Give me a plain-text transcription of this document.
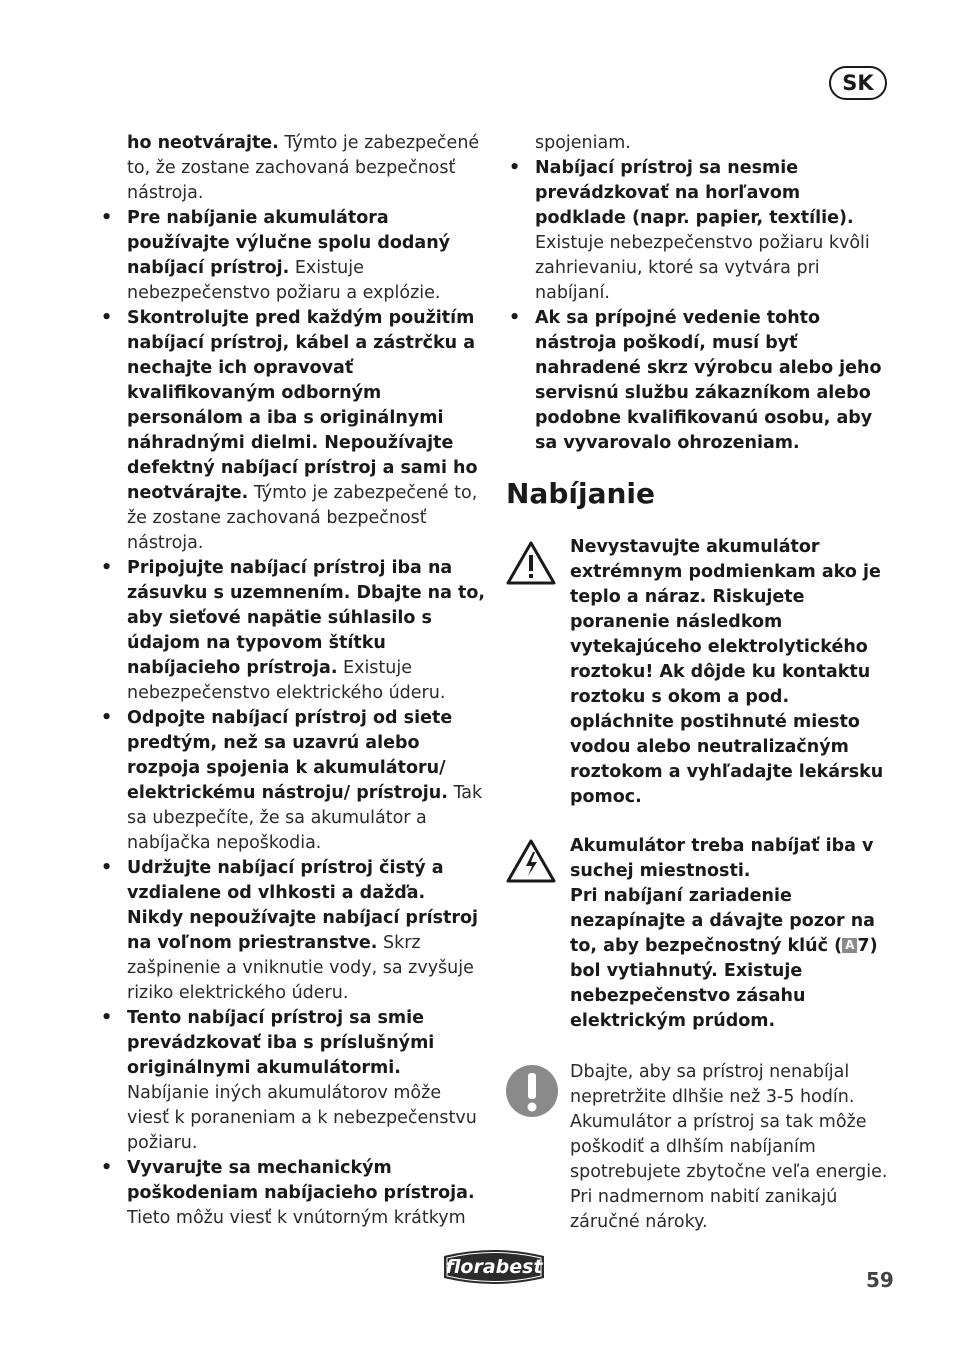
SK

ho neotvárajte. Týmto je zabezpečené to, že zostane zachovaná bezpečnosť nástroja.

• Pre nabíjanie akumulátora používajte výlučne spolu dodaný nabíjací prístroj. Existuje nebezpečenstvo požiaru a explózie.
• Skontrolujte pred každým použitím nabíjací prístroj, kábel a zástrčku a nechajte ich opravovať kvalifikovaným odborným personálom a iba s originálnymi náhradnými dielmi. Nepoužívajte defektný nabíjací prístroj a sami ho neotvárajte. Týmto je zabezpečené to, že zostane zachovaná bezpečnosť nástroja.
• Pripojujte nabíjací prístroj iba na zásuvku s uzemnením. Dbajte na to, aby sieťové napätie súhlasilo s údajom na typovom štítku nabíjacieho prístroja. Existuje nebezpečenstvo elektrického úderu.
• Odpojte nabíjací prístroj od siete predtým, než sa uzavrú alebo rozpoja spojenia k akumulátoru/ elektrickému nástroju/ prístroju. Tak sa ubezpečíte, že sa akumulátor a nabíjačka nepoškodia.
• Udržujte nabíjací prístroj čistý a vzdialene od vlhkosti a dažďa. Nikdy nepoužívajte nabíjací prístroj na voľnom priestranstve. Skrz zašpinenie a vniknutie vody, sa zvyšuje riziko elektrického úderu.
• Tento nabíjací prístroj sa smie prevádzkovať iba s príslušnými originálnymi akumulátormi. Nabíjanie iných akumulátorov môže viesť k poraneniam a k nebezpečenstvu požiaru.
• Vyvarujte sa mechanickým poškodeniam nabíjacieho prístroja. Tieto môžu viesť k vnútorným krátkym

spojeniam.

• Nabíjací prístroj sa nesmie prevádzkovať na horľavom podklade (napr. papier, textílie). Existuje nebezpečenstvo požiaru kvôli zahrievaniu, ktoré sa vytvára pri nabíjaní.
• Ak sa prípojné vedenie tohto nástroja poškodí, musí byť nahradené skrz výrobcu alebo jeho servisnú službu zákazníkom alebo podobne kvalifikovanú osobu, aby sa vyvarovalo ohrozeniam.
Nabíjanie

Nevystavujte akumulátor extrémnym podmienkam ako je teplo a náraz. Riskujete poranenie následkom vytekajúceho elektrolytického roztoku! Ak dôjde ku kontaktu roztoku s okom a pod. opláchnite postihnuté miesto vodou alebo neutralizačným roztokom a vyhľadajte lekársku pomoc.

Akumulátor treba nabíjať iba v suchej miestnosti.

Pri nabíjaní zariadenie nezapínajte a dávajte pozor na to, aby bezpečnostný klúč ( A 7) bol vytiahnutý. Existuje nebezpečenstvo zásahu elektrickým prúdom.

Dbajte, aby sa prístroj nenabíjal nepretržite dlhšie než 3-5 hodín. Akumulátor a prístroj sa tak môže poškodiť a dlhším nabíjaním spotrebujete zbytočne veľa energie. Pri nadmernom nabití zanikajú záručné nároky.

florabest
59
